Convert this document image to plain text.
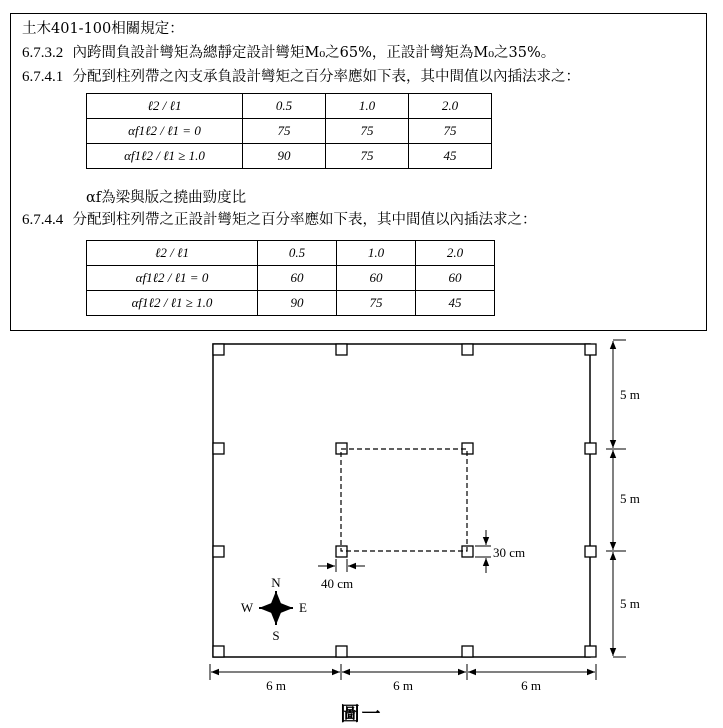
土木401-100相關規定：
6.7.3.2 內跨間負設計彎矩為總靜定設計彎矩M₀之65%，正設計彎矩為M₀之35%。
6.7.4.1 分配到柱列帶之內支承負設計彎矩之百分率應如下表，其中間值以內插法求之：
ℓ2 / ℓ1	0.5	1.0	2.0
αf1ℓ2 / ℓ1 = 0	75	75	75
αf1ℓ2 / ℓ1 ≥ 1.0	90	75	45
αf為梁與版之撓曲勁度比
6.7.4.4 分配到柱列帶之正設計彎矩之百分率應如下表，其中間值以內插法求之：
ℓ2 / ℓ1	0.5	1.0	2.0
αf1ℓ2 / ℓ1 = 0	60	60	60
αf1ℓ2 / ℓ1 ≥ 1.0	90	75	45
5 m
5 m
5 m
6 m	6 m	6 m
40 cm
30 cm
N
S
W	E
圖一
